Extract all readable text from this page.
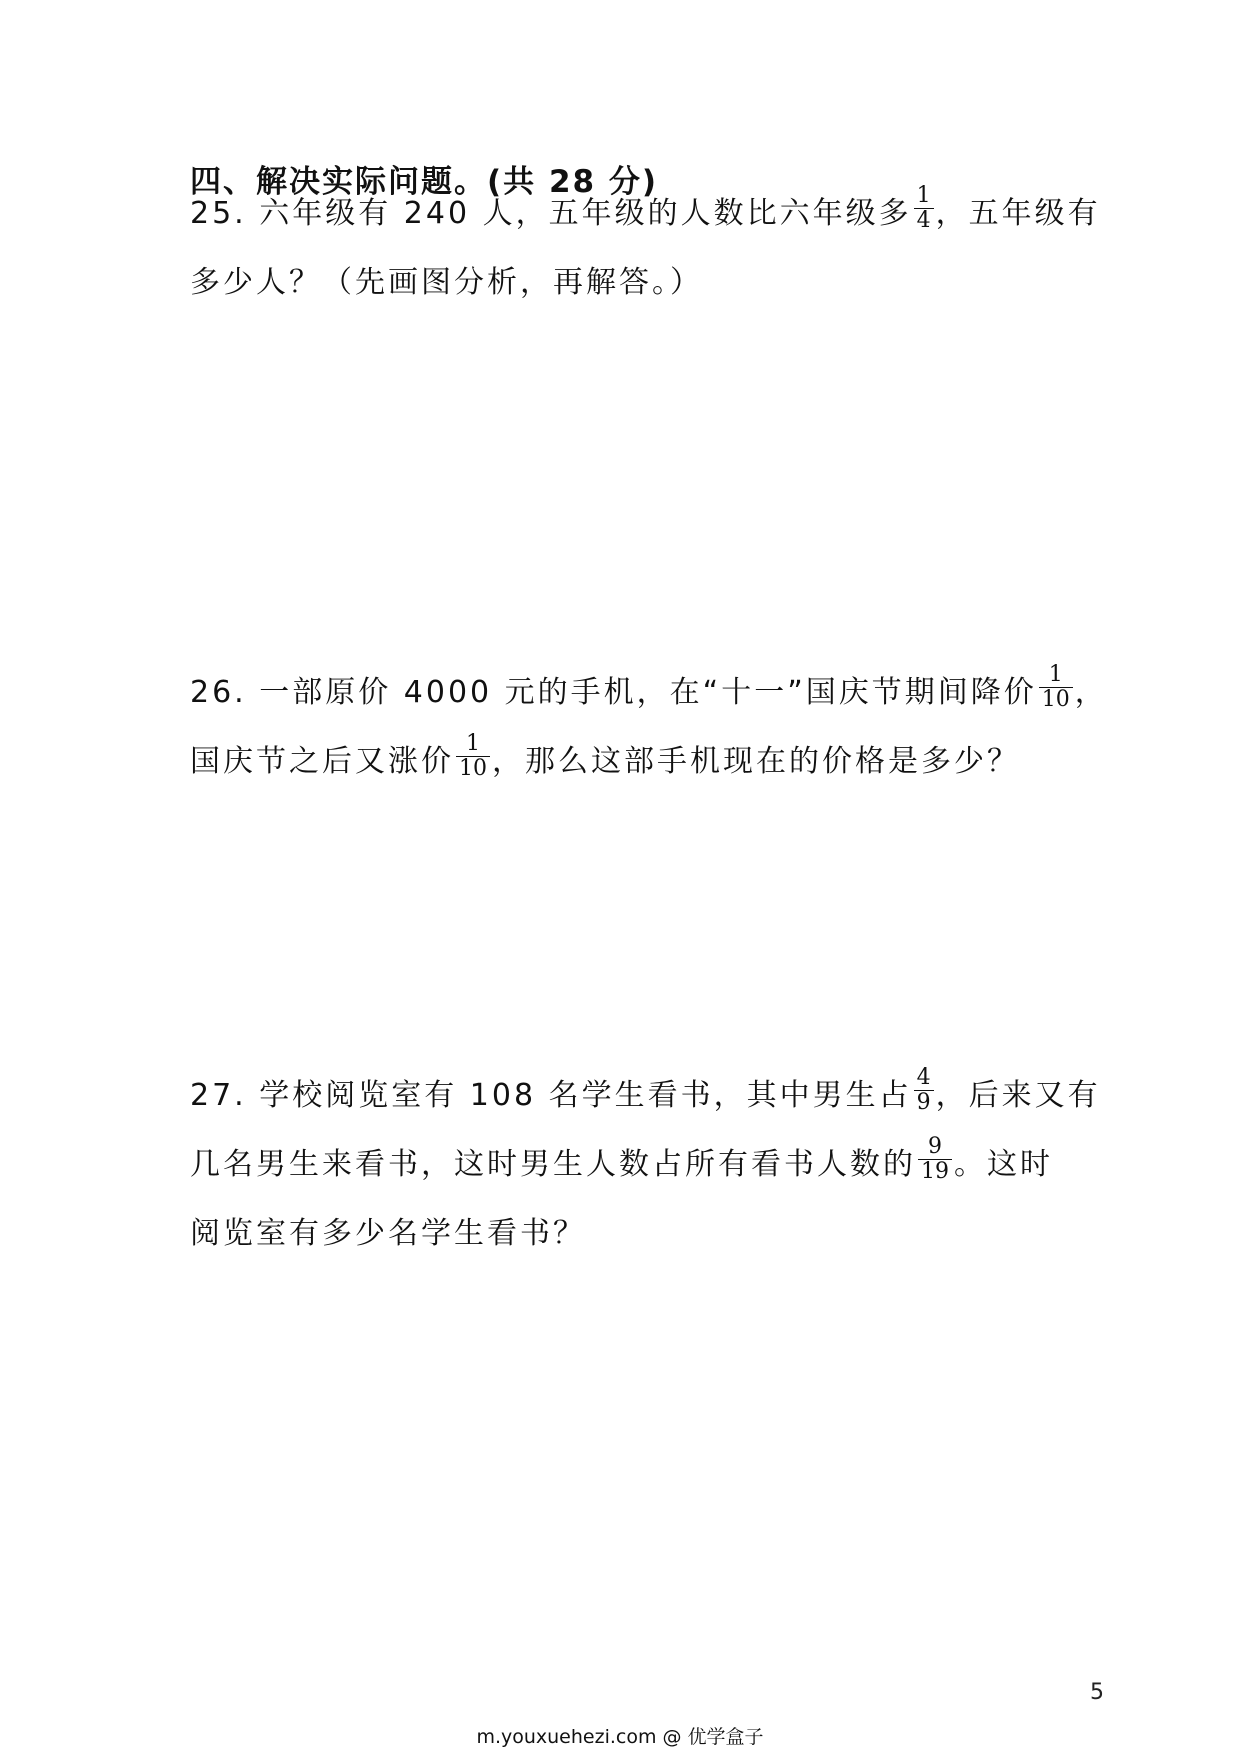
四、解决实际问题。(共 28 分)
25. 六年级有 240 人，五年级的人数比六年级多 $\frac{1}{4}$ ，五年级有
多少人？（先画图分析，再解答。）
26. 一部原价 4000 元的手机，在“十一”国庆节期间降价 $\frac{1}{10}$ ，
国庆节之后又涨价 $\frac{1}{10}$ ，那么这部手机现在的价格是多少？
27. 学校阅览室有 108 名学生看书，其中男生占 $\frac{4}{9}$ ，后来又有
几名男生来看书，这时男生人数占所有看书人数的 $\frac{9}{19}$ 。这时
阅览室有多少名学生看书？
5
m.youxuehezi.com @ 优学盒子
